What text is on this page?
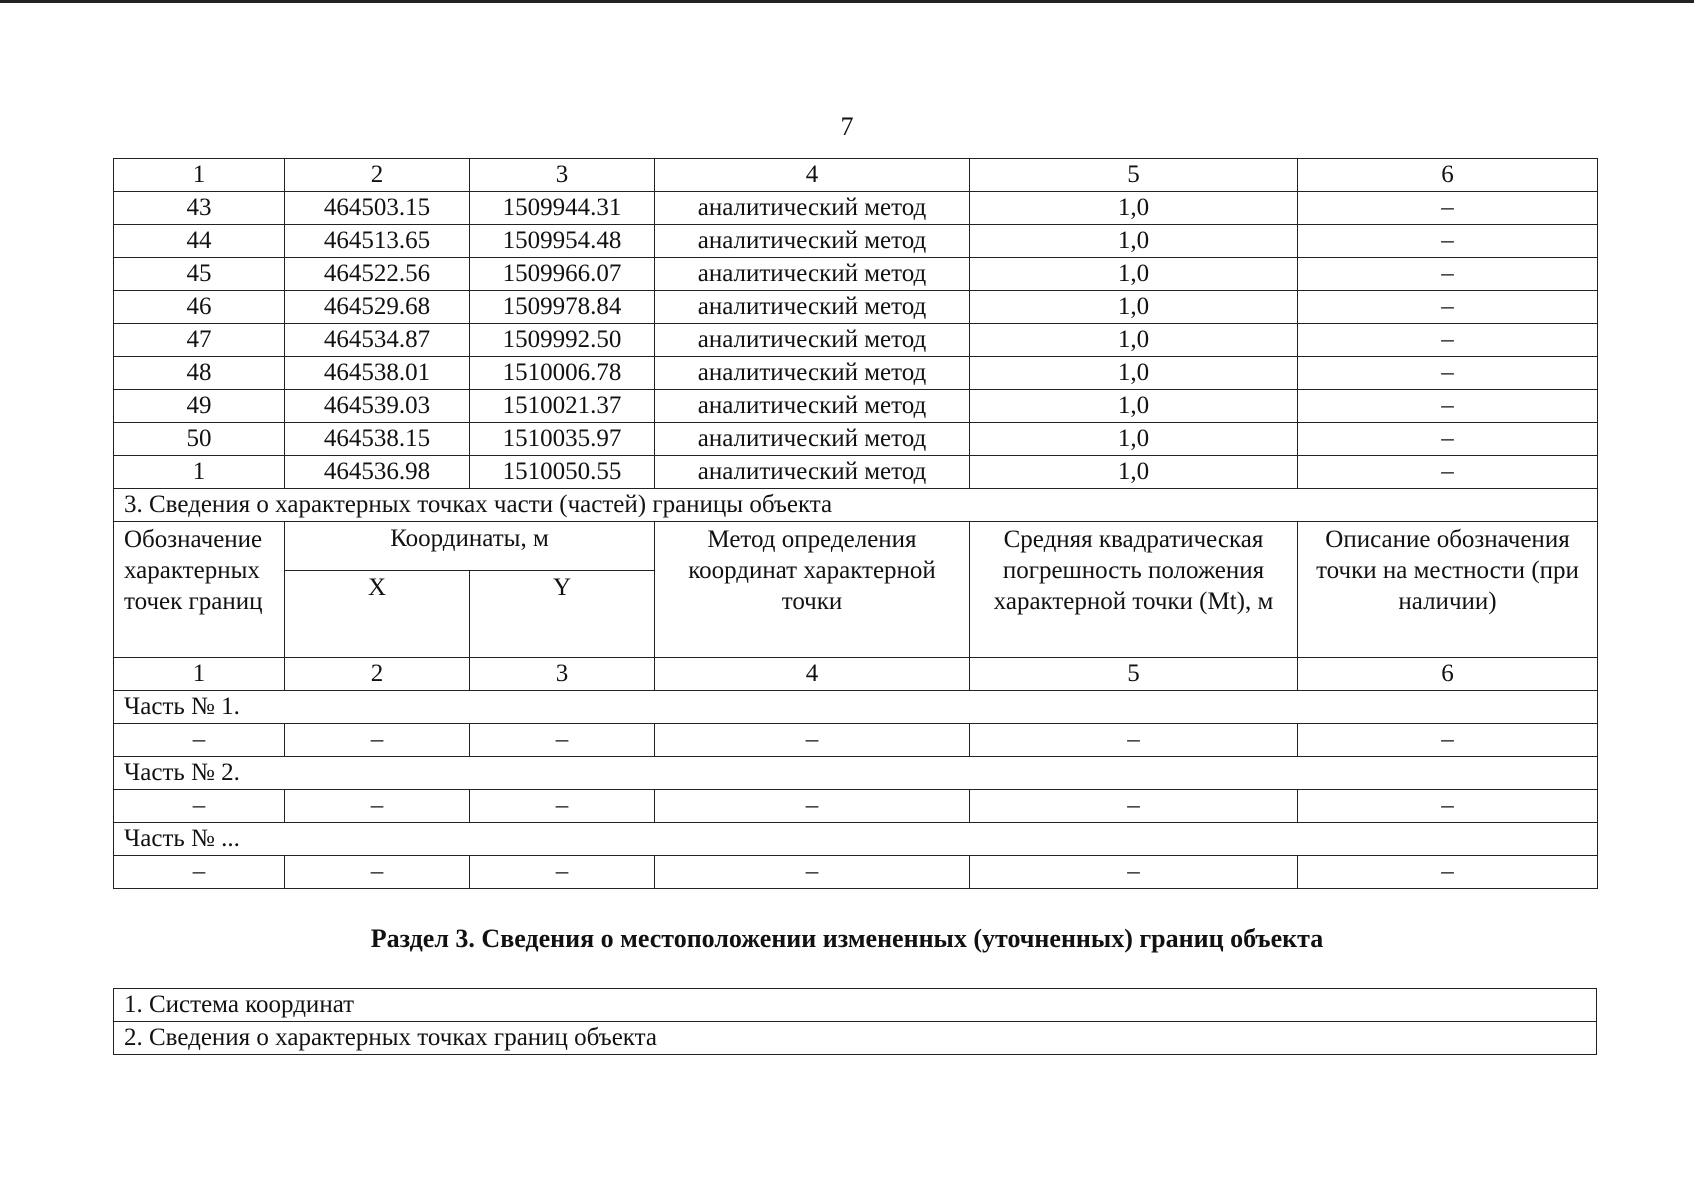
7
1	2	3	4	5	6
43	464503.15	1509944.31	аналитический метод	1,0	–
44	464513.65	1509954.48	аналитический метод	1,0	–
45	464522.56	1509966.07	аналитический метод	1,0	–
46	464529.68	1509978.84	аналитический метод	1,0	–
47	464534.87	1509992.50	аналитический метод	1,0	–
48	464538.01	1510006.78	аналитический метод	1,0	–
49	464539.03	1510021.37	аналитический метод	1,0	–
50	464538.15	1510035.97	аналитический метод	1,0	–
1	464536.98	1510050.55	аналитический метод	1,0	–
3. Сведения о характерных точках части (частей) границы объекта					
Обозначение характерных точек границ	Координаты, м		Метод определения координат характерной точки	Средняя квадратическая погрешность положения характерной точки (Mt), м	Описание обозначения точки на местности (при наличии)
	X	Y			
1	2	3	4	5	6
Часть № 1.					
–	–	–	–	–	–
Часть № 2.					
–	–	–	–	–	–
Часть № ...					
–	–	–	–	–	–
Раздел 3. Сведения о местоположении измененных (уточненных) границ объекта
1. Система координат
2. Сведения о характерных точках границ объекта
